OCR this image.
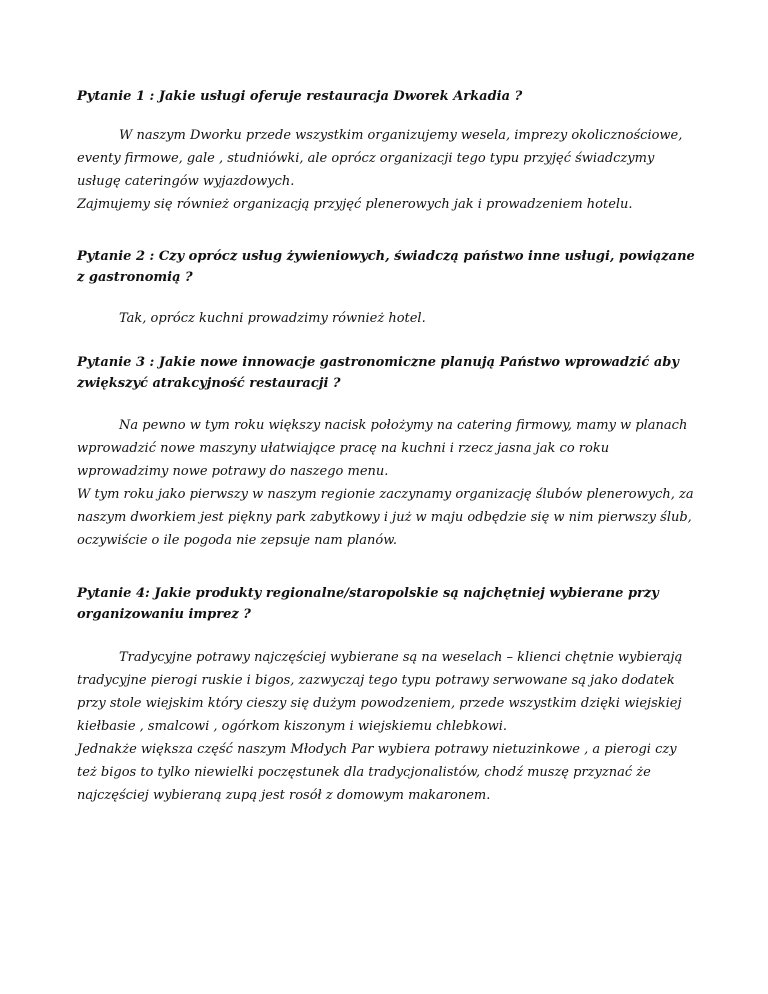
Pytanie 1 : Jakie usługi oferuje restauracja Dworek Arkadia ?

W naszym Dworku przede wszystkim organizujemy wesela, imprezy okolicznościowe, eventy firmowe, gale , studniówki, ale oprócz organizacji tego typu przyjęć świadczymy usługę cateringów wyjazdowych.

Zajmujemy się również organizacją przyjęć plenerowych jak i prowadzeniem hotelu.

Pytanie 2 : Czy oprócz usług żywieniowych, świadczą państwo inne usługi, powiązane z gastronomią ?

Tak, oprócz kuchni prowadzimy również hotel.

Pytanie 3 : Jakie nowe innowacje gastronomiczne planują Państwo wprowadzić aby zwiększyć atrakcyjność restauracji ?

Na pewno w tym roku większy nacisk położymy na catering firmowy, mamy w planach wprowadzić nowe maszyny ułatwiające pracę na kuchni i rzecz jasna jak co roku wprowadzimy nowe potrawy do naszego menu.

W tym roku jako pierwszy w naszym regionie zaczynamy organizację ślubów plenerowych, za naszym dworkiem jest piękny park zabytkowy i już w maju odbędzie się w nim pierwszy ślub, oczywiście o ile pogoda nie zepsuje nam planów.

Pytanie 4: Jakie produkty regionalne/staropolskie są najchętniej wybierane przy organizowaniu imprez ?

Tradycyjne potrawy najczęściej wybierane są na weselach – klienci chętnie wybierają tradycyjne pierogi ruskie i bigos, zazwyczaj tego typu potrawy serwowane są jako dodatek przy stole wiejskim który cieszy się dużym powodzeniem, przede wszystkim dzięki wiejskiej kiełbasie , smalcowi , ogórkom kiszonym i wiejskiemu chlebkowi.

Jednakże większa część naszym Młodych Par wybiera potrawy nietuzinkowe , a pierogi czy też bigos to tylko niewielki poczęstunek dla tradycjonalistów, chodź muszę przyznać że najczęściej wybieraną zupą jest rosół z domowym makaronem.
